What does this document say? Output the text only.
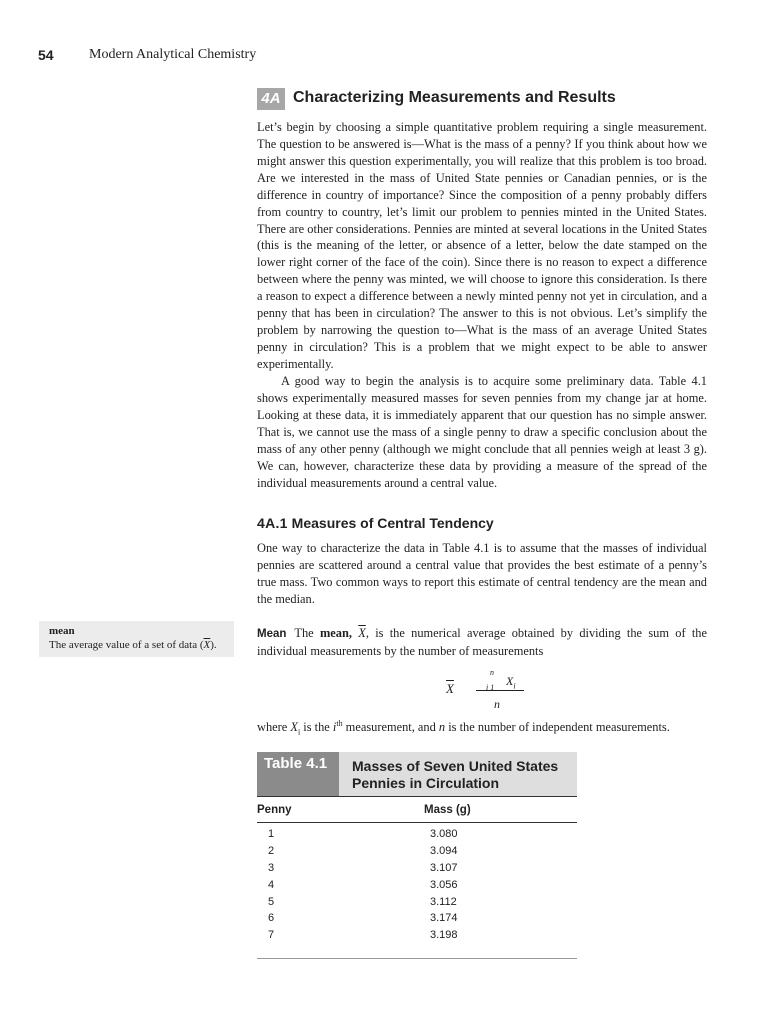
54	Modern Analytical Chemistry
4A Characterizing Measurements and Results

Let’s begin by choosing a simple quantitative problem requiring a single measurement. The question to be answered is—What is the mass of a penny? If you think about how we might answer this question experimentally, you will realize that this problem is too broad. Are we interested in the mass of United State pennies or Canadian pennies, or is the difference in country of importance? Since the composition of a penny probably differs from country to country, let’s limit our problem to pennies minted in the United States. There are other considerations. Pennies are minted at several locations in the United States (this is the meaning of the letter, or absence of a letter, below the date stamped on the lower right corner of the face of the coin). Since there is no reason to expect a difference between where the penny was minted, we will choose to ignore this consideration. Is there a reason to expect a difference between a newly minted penny not yet in circulation, and a penny that has been in circulation? The answer to this is not obvious. Let’s simplify the problem by narrowing the question to—What is the mass of an average United States penny in circulation? This is a problem that we might expect to be able to answer experimentally.

A good way to begin the analysis is to acquire some preliminary data. Table 4.1 shows experimentally measured masses for seven pennies from my change jar at home. Looking at these data, it is immediately apparent that our question has no simple answer. That is, we cannot use the mass of a single penny to draw a specific conclusion about the mass of any other penny (although we might conclude that all pennies weigh at least 3 g). We can, however, characterize these data by providing a measure of the spread of the individual measurements around a central value.

4A.1 Measures of Central Tendency

One way to characterize the data in Table 4.1 is to assume that the masses of individual pennies are scattered around a central value that provides the best estimate of a penny’s true mass. Two common ways to report this estimate of central tendency are the mean and the median.

mean
The average value of a set of data $(\overline{X})$.

Mean The mean, $\overline{X}$, is the numerical average obtained by dividing the sum of the individual measurements by the number of measurements

$\overline{X}$
n
i 1 $X_i$
n

where $X_i$ is the $i^{th}$ measurement, and n is the number of independent measurements.

Table 4.1	Masses of Seven United States Pennies in Circulation
Penny	Mass (g)
1	3.080
2	3.094
3	3.107
4	3.056
5	3.112
6	3.174
7	3.198
